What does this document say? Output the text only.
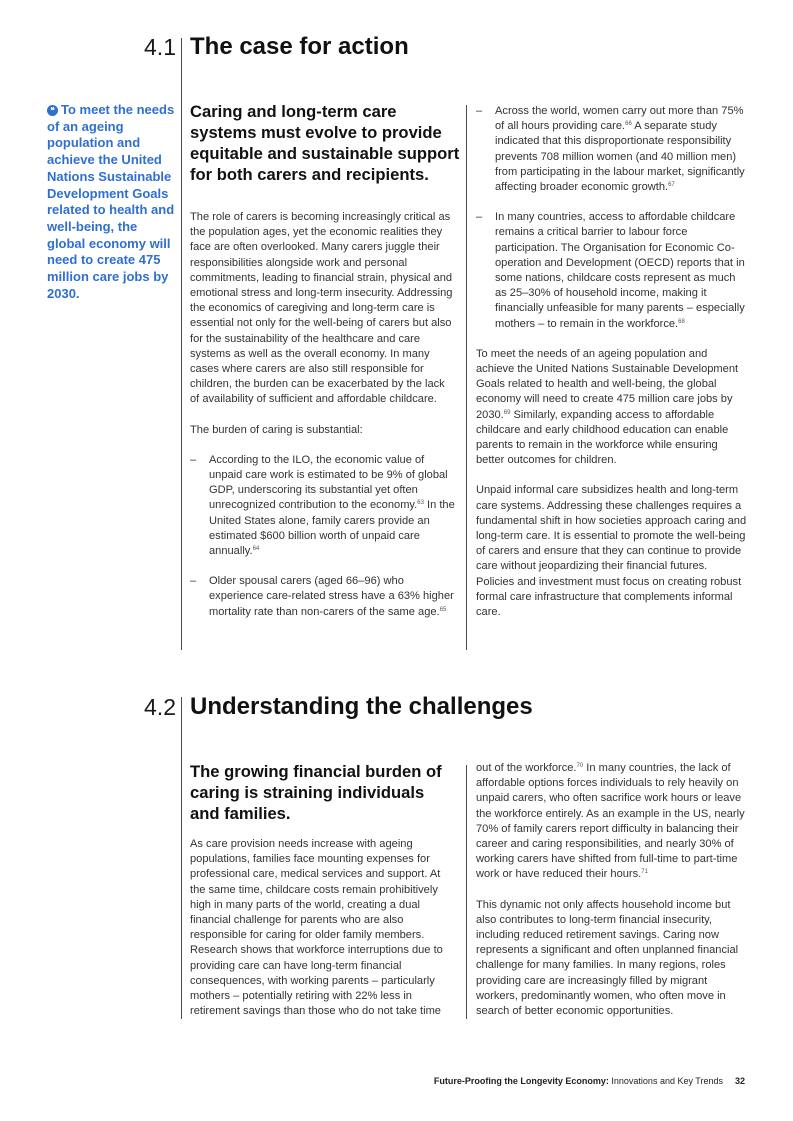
4.1 The case for action
❝ To meet the needs of an ageing population and achieve the United Nations Sustainable Development Goals related to health and well-being, the global economy will need to create 475 million care jobs by 2030.
Caring and long-term care systems must evolve to provide equitable and sustainable support for both carers and recipients.

The role of carers is becoming increasingly critical as the population ages, yet the economic realities they face are often overlooked. Many carers juggle their responsibilities alongside work and personal commitments, leading to financial strain, physical and emotional stress and long-term insecurity. Addressing the economics of caregiving and long-term care is essential not only for the well-being of carers but also for the sustainability of the healthcare and care systems as well as the overall economy. In many cases where carers are also still responsible for children, the burden can be exacerbated by the lack of availability of sufficient and affordable childcare.

The burden of caring is substantial:

–	According to the ILO, the economic value of unpaid care work is estimated to be 9% of global GDP, underscoring its substantial yet often unrecognized contribution to the economy.$^{63}$ In the United States alone, family carers provide an estimated $600 billion worth of unpaid care annually.$^{64}$
–	Older spousal carers (aged 66–96) who experience care-related stress have a 63% higher mortality rate than non-carers of the same age.$^{65}$
–	Across the world, women carry out more than 75% of all hours providing care.$^{66}$ A separate study indicated that this disproportionate responsibility prevents 708 million women (and 40 million men) from participating in the labour market, significantly affecting broader economic growth.$^{67}$
–	In many countries, access to affordable childcare remains a critical barrier to labour force participation. The Organisation for Economic Co-operation and Development (OECD) reports that in some nations, childcare costs represent as much as 25–30% of household income, making it financially unfeasible for many parents – especially mothers – to remain in the workforce.$^{68}$

To meet the needs of an ageing population and achieve the United Nations Sustainable Development Goals related to health and well-being, the global economy will need to create 475 million care jobs by 2030.69 Similarly, expanding access to affordable childcare and early childhood education can enable parents to remain in the workforce while ensuring better outcomes for children.

Unpaid informal care subsidizes health and long-term care systems. Addressing these challenges requires a fundamental shift in how societies approach caring and long-term care. It is essential to promote the well-being of carers and ensure that they can continue to provide care without jeopardizing their financial futures. Policies and investment must focus on creating robust formal care infrastructure that complements informal care.

4.2 Understanding the challenges
The growing financial burden of caring is straining individuals and families.

As care provision needs increase with ageing populations, families face mounting expenses for professional care, medical services and support. At the same time, childcare costs remain prohibitively high in many parts of the world, creating a dual financial challenge for parents who are also responsible for caring for older family members. Research shows that workforce interruptions due to providing care can have long-term financial consequences, with working parents – particularly mothers – potentially retiring with 22% less in retirement savings than those who do not take time

out of the workforce.$^{70}$ In many countries, the lack of affordable options forces individuals to rely heavily on unpaid carers, who often sacrifice work hours or leave the workforce entirely. As an example in the US, nearly 70% of family carers report difficulty in balancing their career and caring responsibilities, and nearly 30% of working carers have shifted from full-time to part-time work or have reduced their hours.$^{71}$

This dynamic not only affects household income but also contributes to long-term financial insecurity, including reduced retirement savings. Caring now represents a significant and often unplanned financial challenge for many families. In many regions, roles providing care are increasingly filled by migrant workers, predominantly women, who often move in search of better economic opportunities.

Future-Proofing the Longevity Economy: Innovations and Key Trends 32
